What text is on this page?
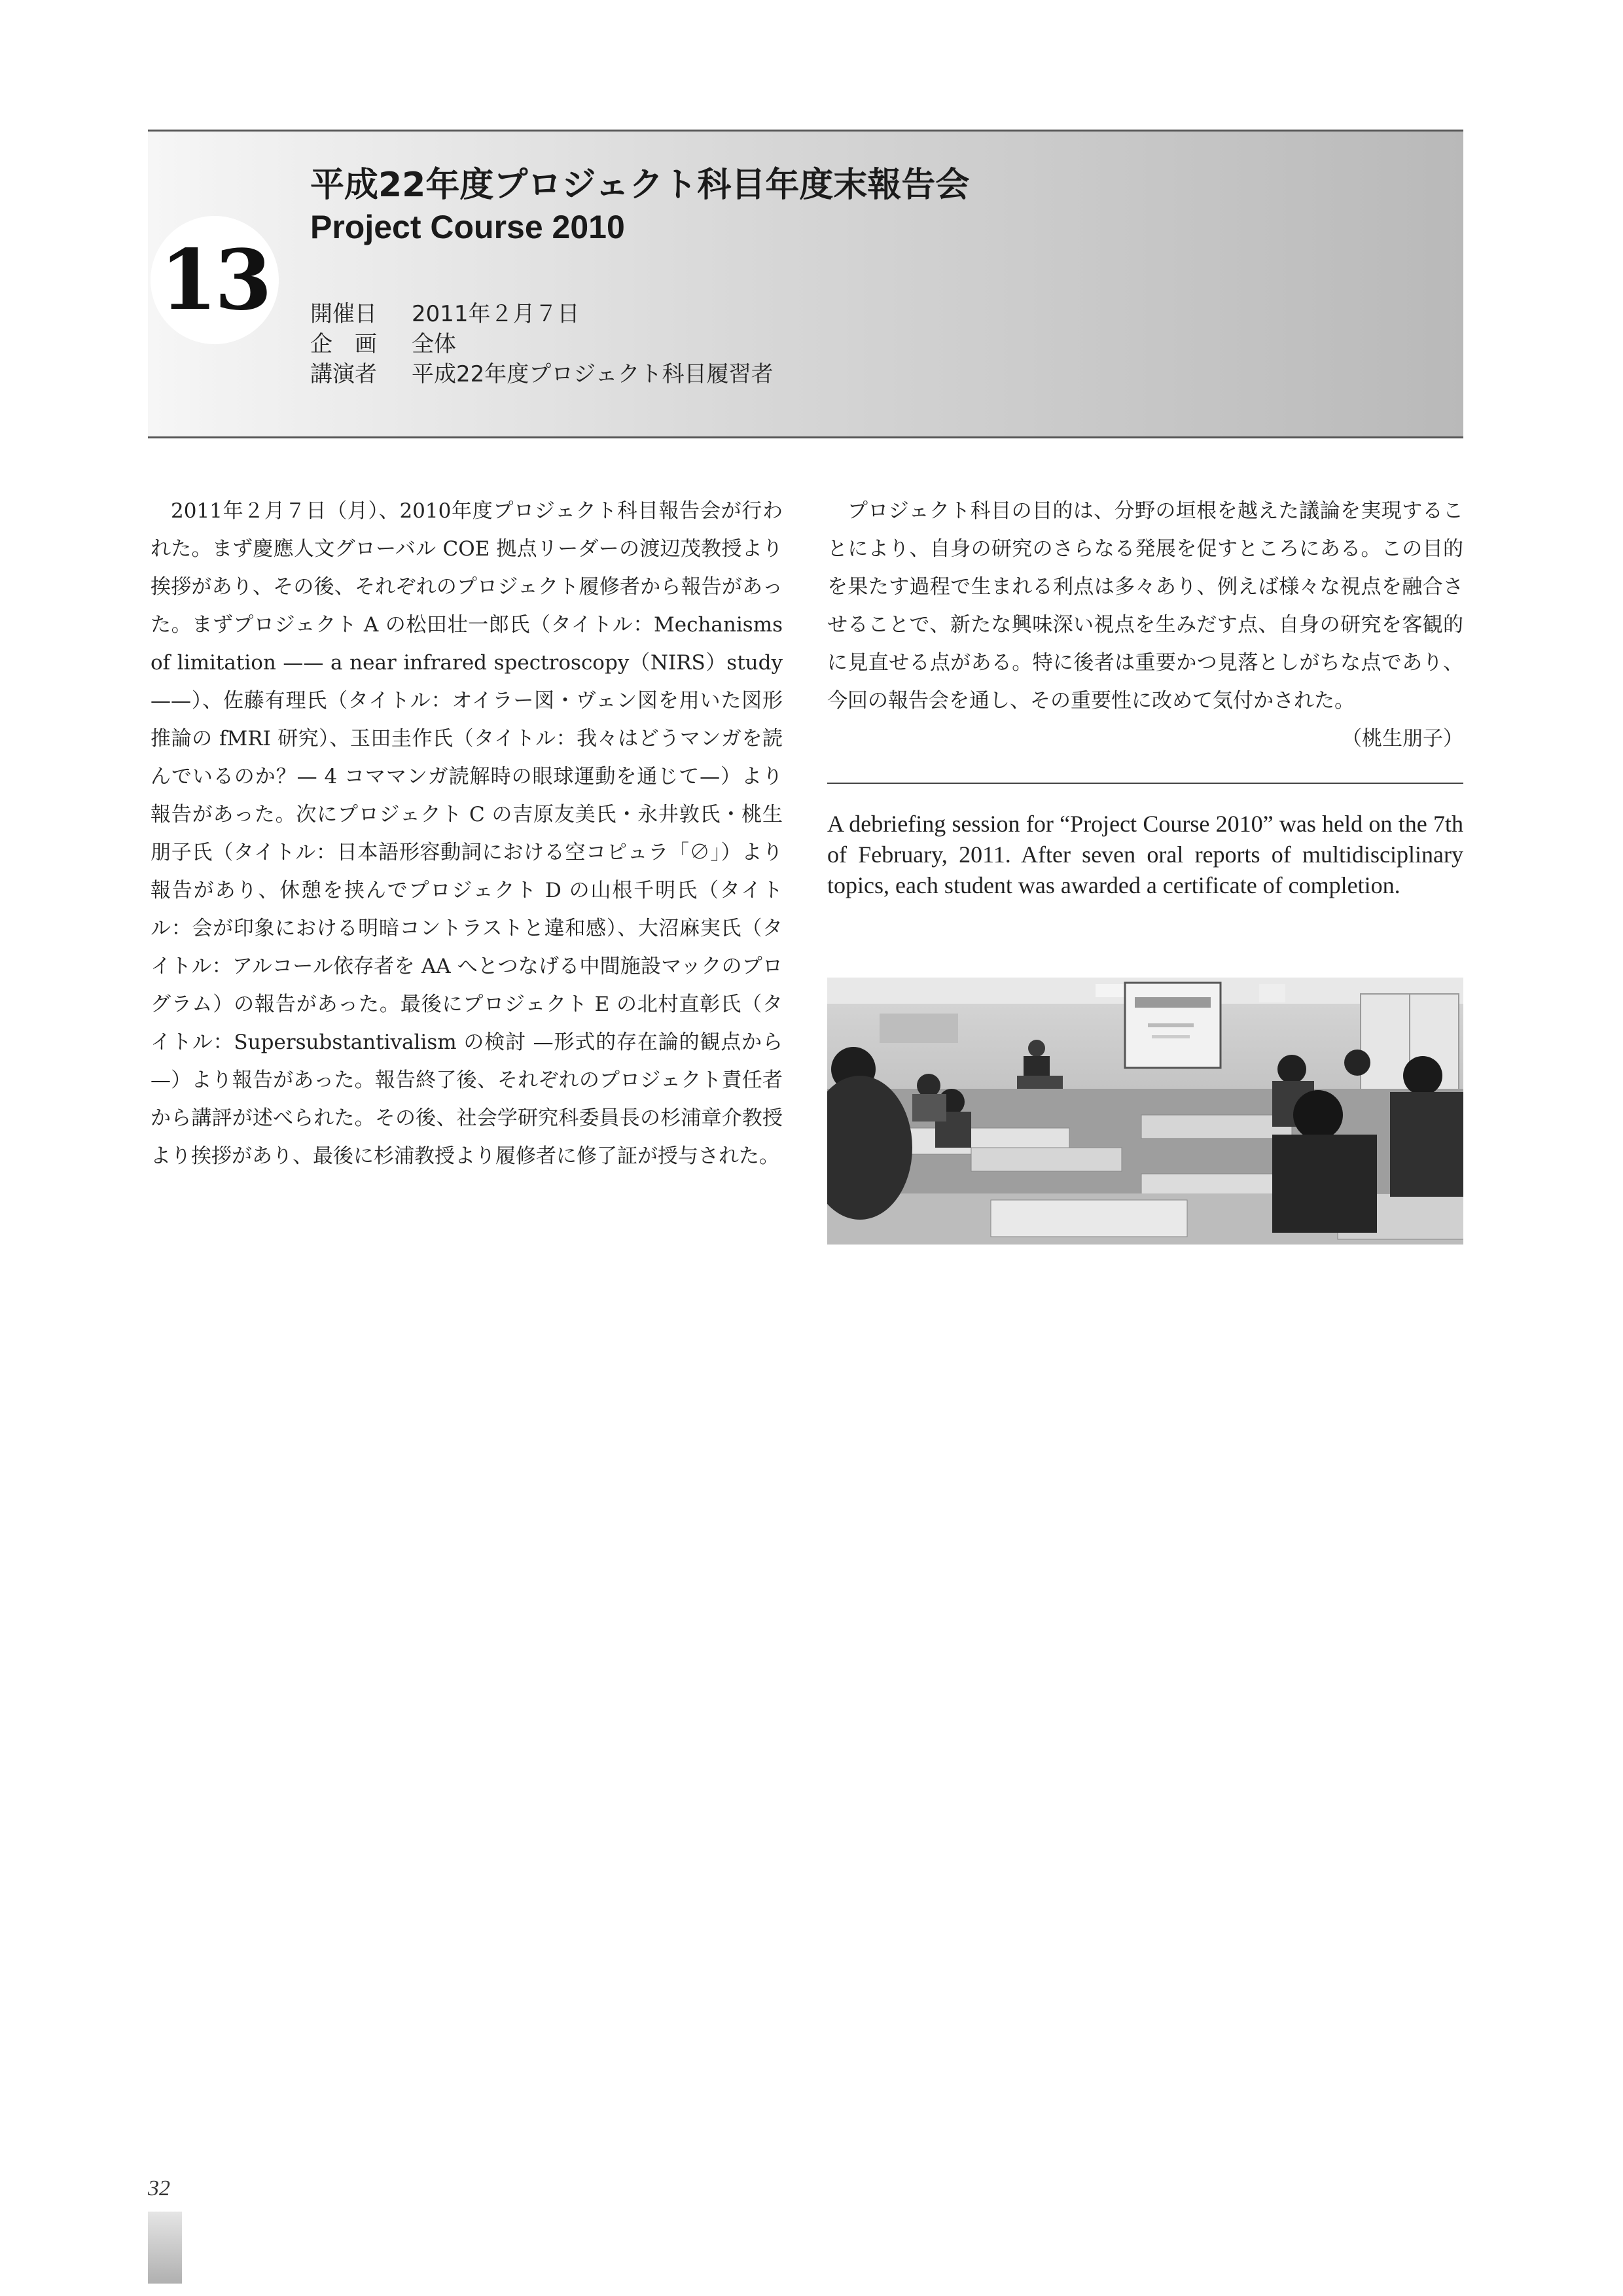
13
平成22年度プロジェクト科目年度末報告会
Project Course 2010
開催日 2011年２月７日
企　画 全体
講演者 平成22年度プロジェクト科目履習者

2011年２月７日（月）、2010年度プロジェクト科目報告会が行われた。まず慶應人文グローバル COE 拠点リーダーの渡辺茂教授より挨拶があり、その後、それぞれのプロジェクト履修者から報告があった。まずプロジェクト A の松田壮一郎氏（タイトル：Mechanisms of limitation —— a near infrared spectroscopy（NIRS）study ——）、佐藤有理氏（タイトル：オイラー図・ヴェン図を用いた図形推論の fMRI 研究）、玉田圭作氏（タイトル：我々はどうマンガを読んでいるのか？— 4 コママンガ読解時の眼球運動を通じて—）より報告があった。次にプロジェクト C の吉原友美氏・永井敦氏・桃生朋子氏（タイトル：日本語形容動詞における空コピュラ「∅」）より報告があり、休憩を挟んでプロジェクト D の山根千明氏（タイトル：会が印象における明暗コントラストと違和感）、大沼麻実氏（タイトル：アルコール依存者を AA へとつなげる中間施設マックのプログラム）の報告があった。最後にプロジェクト E の北村直彰氏（タイトル：Supersubstantivalism の検討 —形式的存在論的観点から—）より報告があった。報告終了後、それぞれのプロジェクト責任者から講評が述べられた。その後、社会学研究科委員長の杉浦章介教授より挨拶があり、最後に杉浦教授より履修者に修了証が授与された。

プロジェクト科目の目的は、分野の垣根を越えた議論を実現することにより、自身の研究のさらなる発展を促すところにある。この目的を果たす過程で生まれる利点は多々あり、例えば様々な視点を融合させることで、新たな興味深い視点を生みだす点、自身の研究を客観的に見直せる点がある。特に後者は重要かつ見落としがちな点であり、今回の報告会を通し、その重要性に改めて気付かされた。

（桃生朋子）

A debriefing session for “Project Course 2010” was held on the 7th of February, 2011. After seven oral reports of multidisciplinary topics, each student was awarded a certificate of completion.
32
